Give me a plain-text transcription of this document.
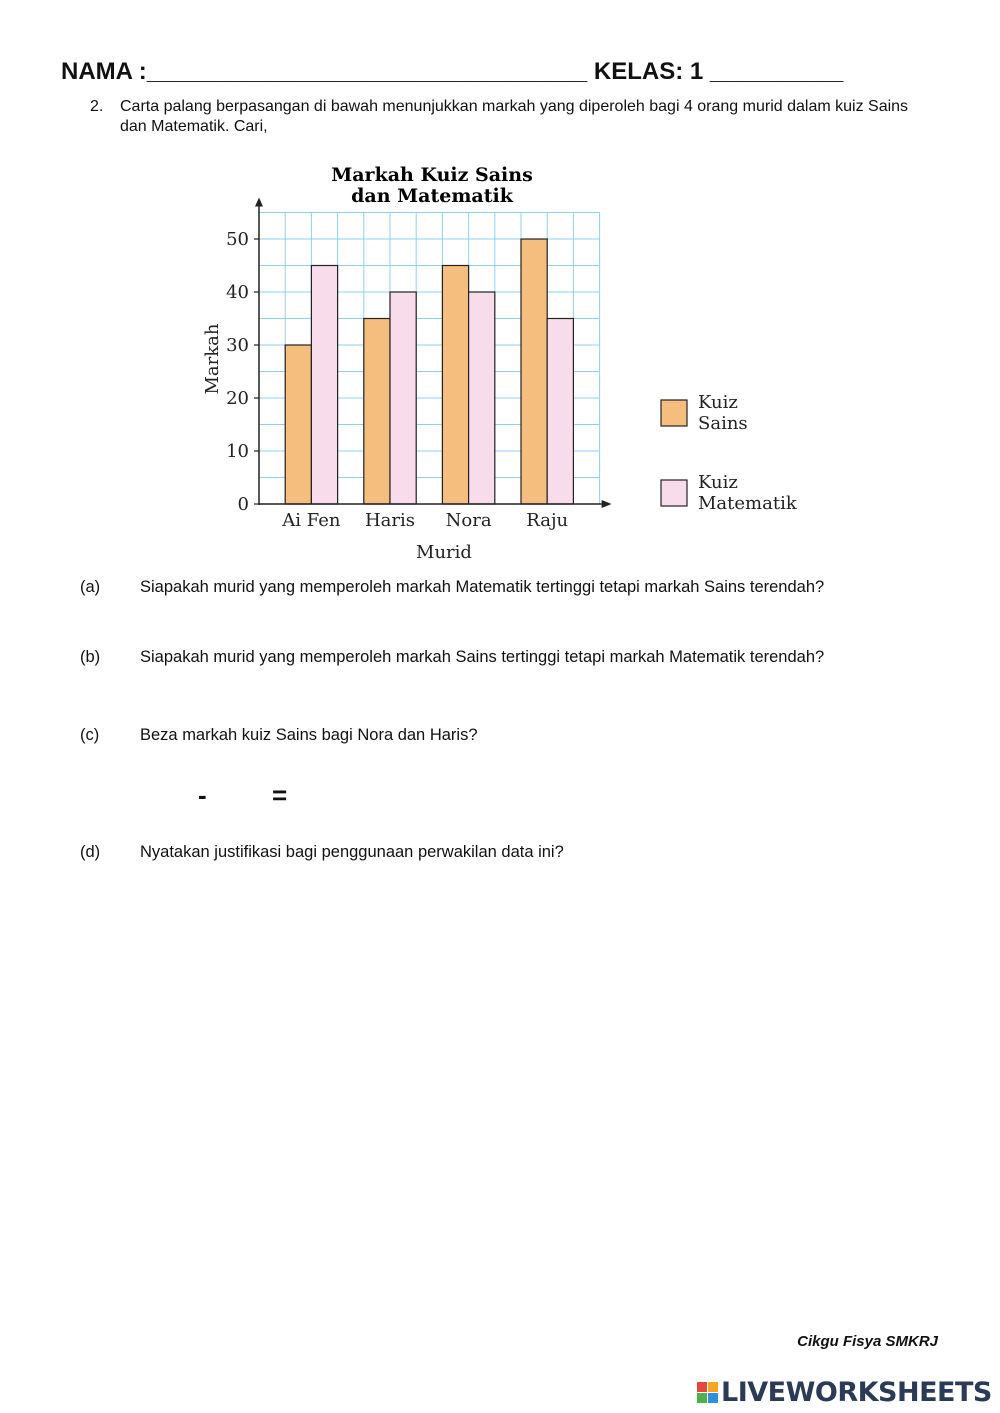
NAMA :_________________________________ KELAS: 1 __________
2. Carta palang berpasangan di bawah menunjukkan markah yang diperoleh bagi 4 orang murid dalam kuiz Sains dan Matematik. Cari,
Ai Fen Haris Nora Raju
0
10
20
30
40
50
Markah Kuiz Sains
dan Matematik
Murid
Markah
Kuiz
Sains
Kuiz
Matematik
(a) Siapakah murid yang memperoleh markah Matematik tertinggi tetapi markah Sains terendah?
(b) Siapakah murid yang memperoleh markah Sains tertinggi tetapi markah Matematik terendah?
(c) Beza markah kuiz Sains bagi Nora dan Haris?
-	=
(d) Nyatakan justifikasi bagi penggunaan perwakilan data ini?
Cikgu Fisya SMKRJ
LIVEWORKSHEETS
